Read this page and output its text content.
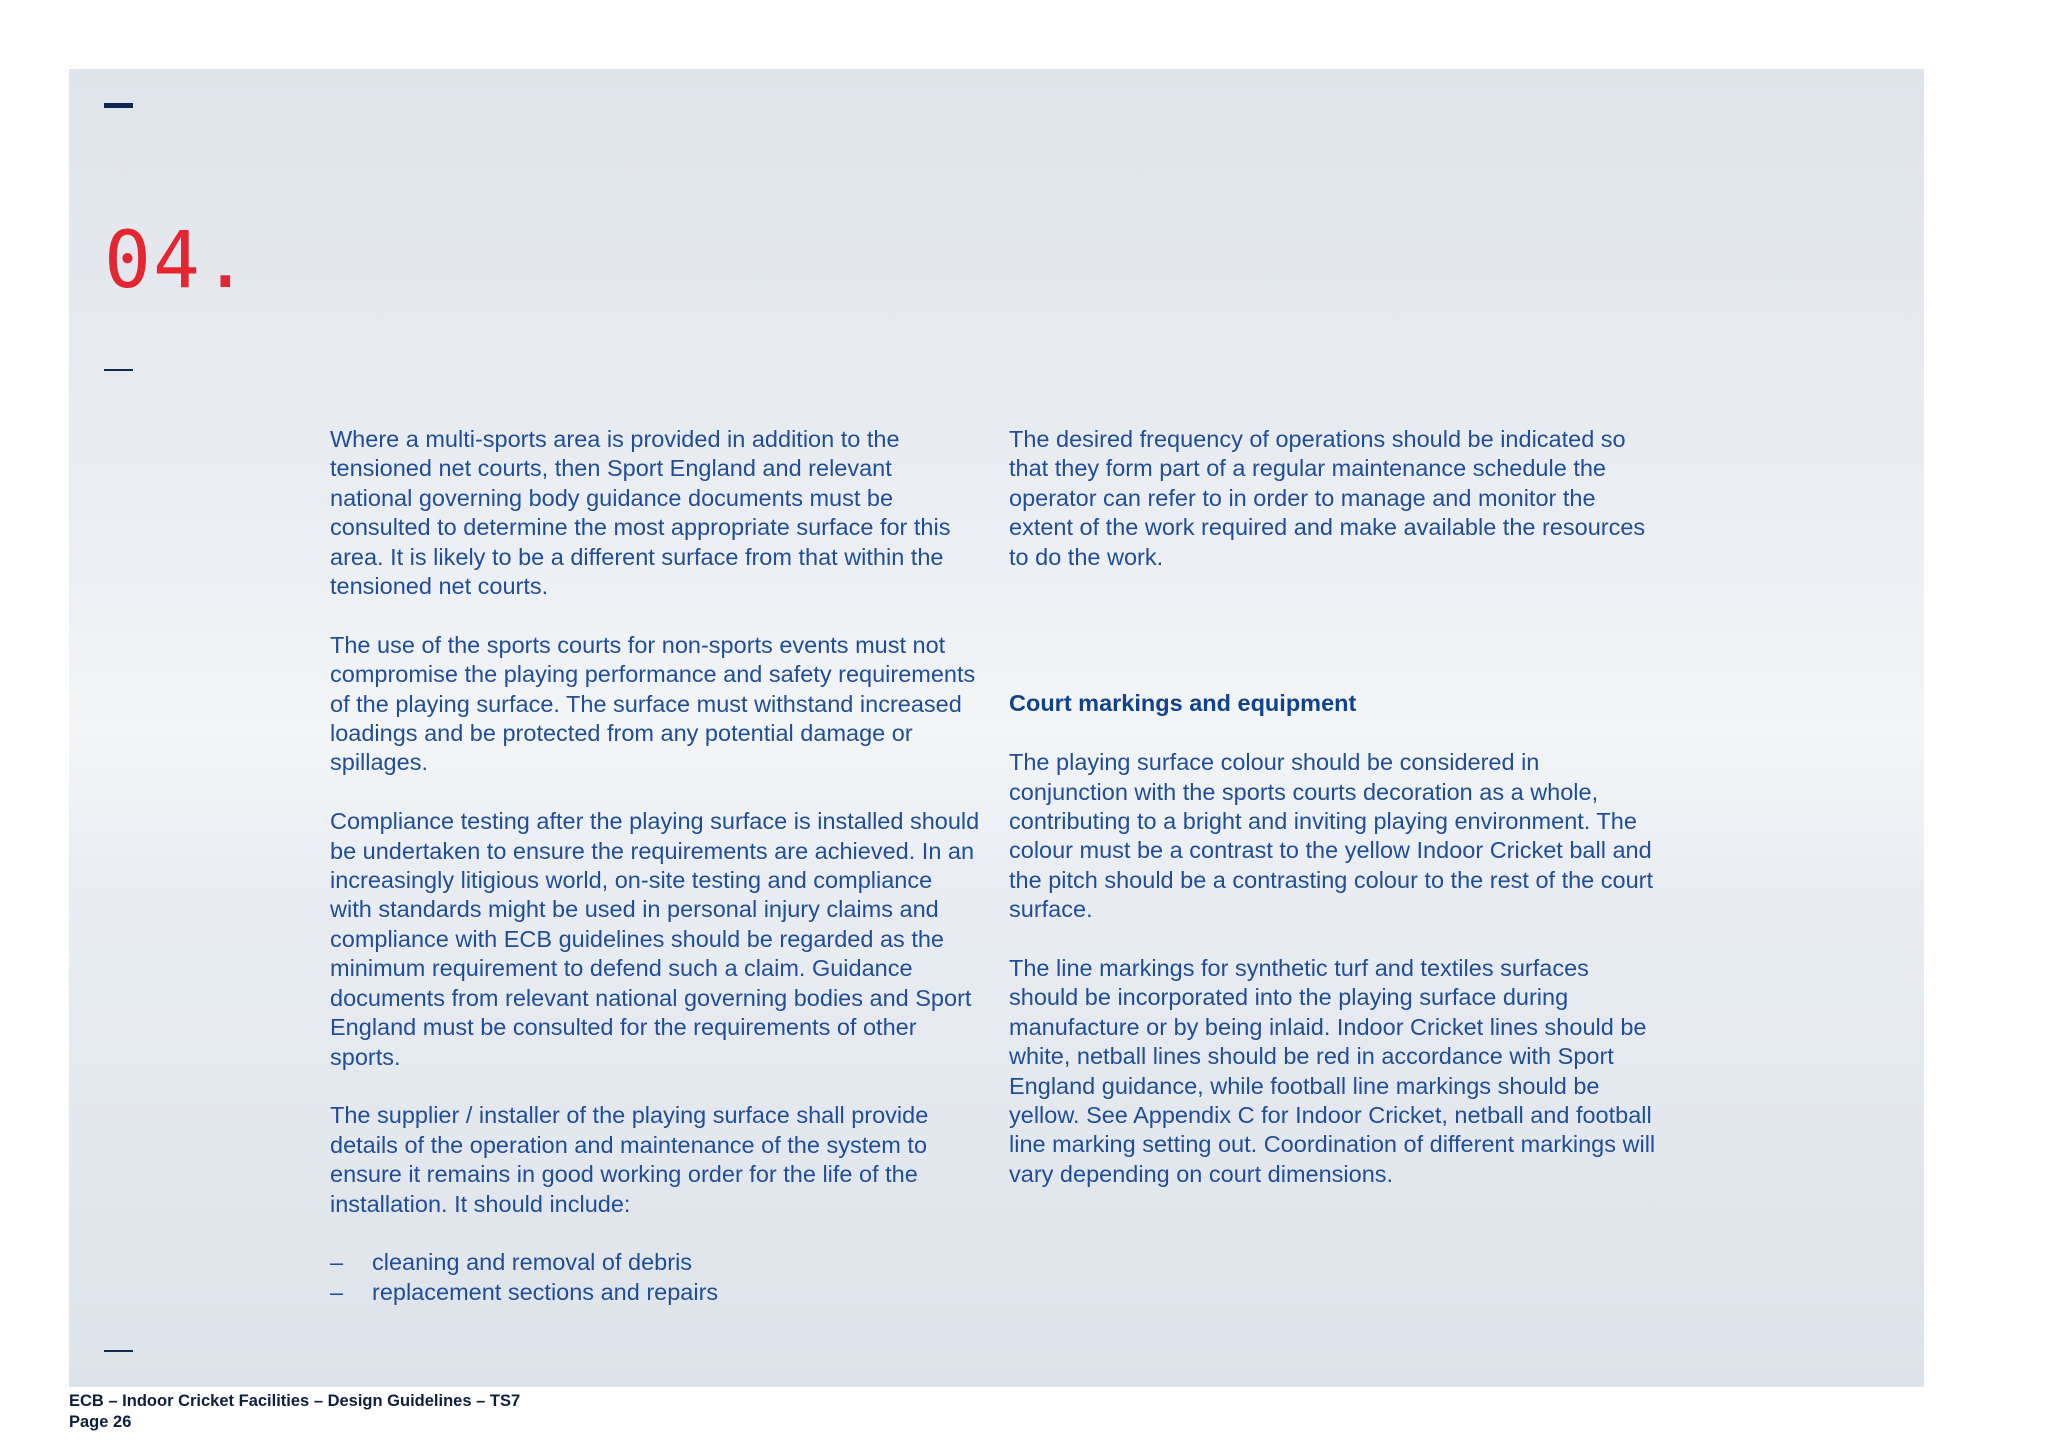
04.

Where a multi-sports area is provided in addition to the tensioned net courts, then Sport England and relevant national governing body guidance documents must be consulted to determine the most appropriate surface for this area. It is likely to be a different surface from that within the tensioned net courts.

The use of the sports courts for non-sports events must not compromise the playing performance and safety requirements of the playing surface. The surface must withstand increased loadings and be protected from any potential damage or spillages.

Compliance testing after the playing surface is installed should be undertaken to ensure the requirements are achieved. In an increasingly litigious world, on-site testing and compliance with standards might be used in personal injury claims and compliance with ECB guidelines should be regarded as the minimum requirement to defend such a claim. Guidance documents from relevant national governing bodies and Sport England must be consulted for the requirements of other sports.

The supplier / installer of the playing surface shall provide details of the operation and maintenance of the system to ensure it remains in good working order for the life of the installation. It should include:

– cleaning and removal of debris
– replacement sections and repairs

The desired frequency of operations should be indicated so that they form part of a regular maintenance schedule the operator can refer to in order to manage and monitor the extent of the work required and make available the resources to do the work.

Court markings and equipment

The playing surface colour should be considered in conjunction with the sports courts decoration as a whole, contributing to a bright and inviting playing environment. The colour must be a contrast to the yellow Indoor Cricket ball and the pitch should be a contrasting colour to the rest of the court surface.

The line markings for synthetic turf and textiles surfaces should be incorporated into the playing surface during manufacture or by being inlaid. Indoor Cricket lines should be white, netball lines should be red in accordance with Sport England guidance, while football line markings should be yellow. See Appendix C for Indoor Cricket, netball and football line marking setting out. Coordination of different markings will vary depending on court dimensions.

ECB – Indoor Cricket Facilities – Design Guidelines – TS7
Page 26
